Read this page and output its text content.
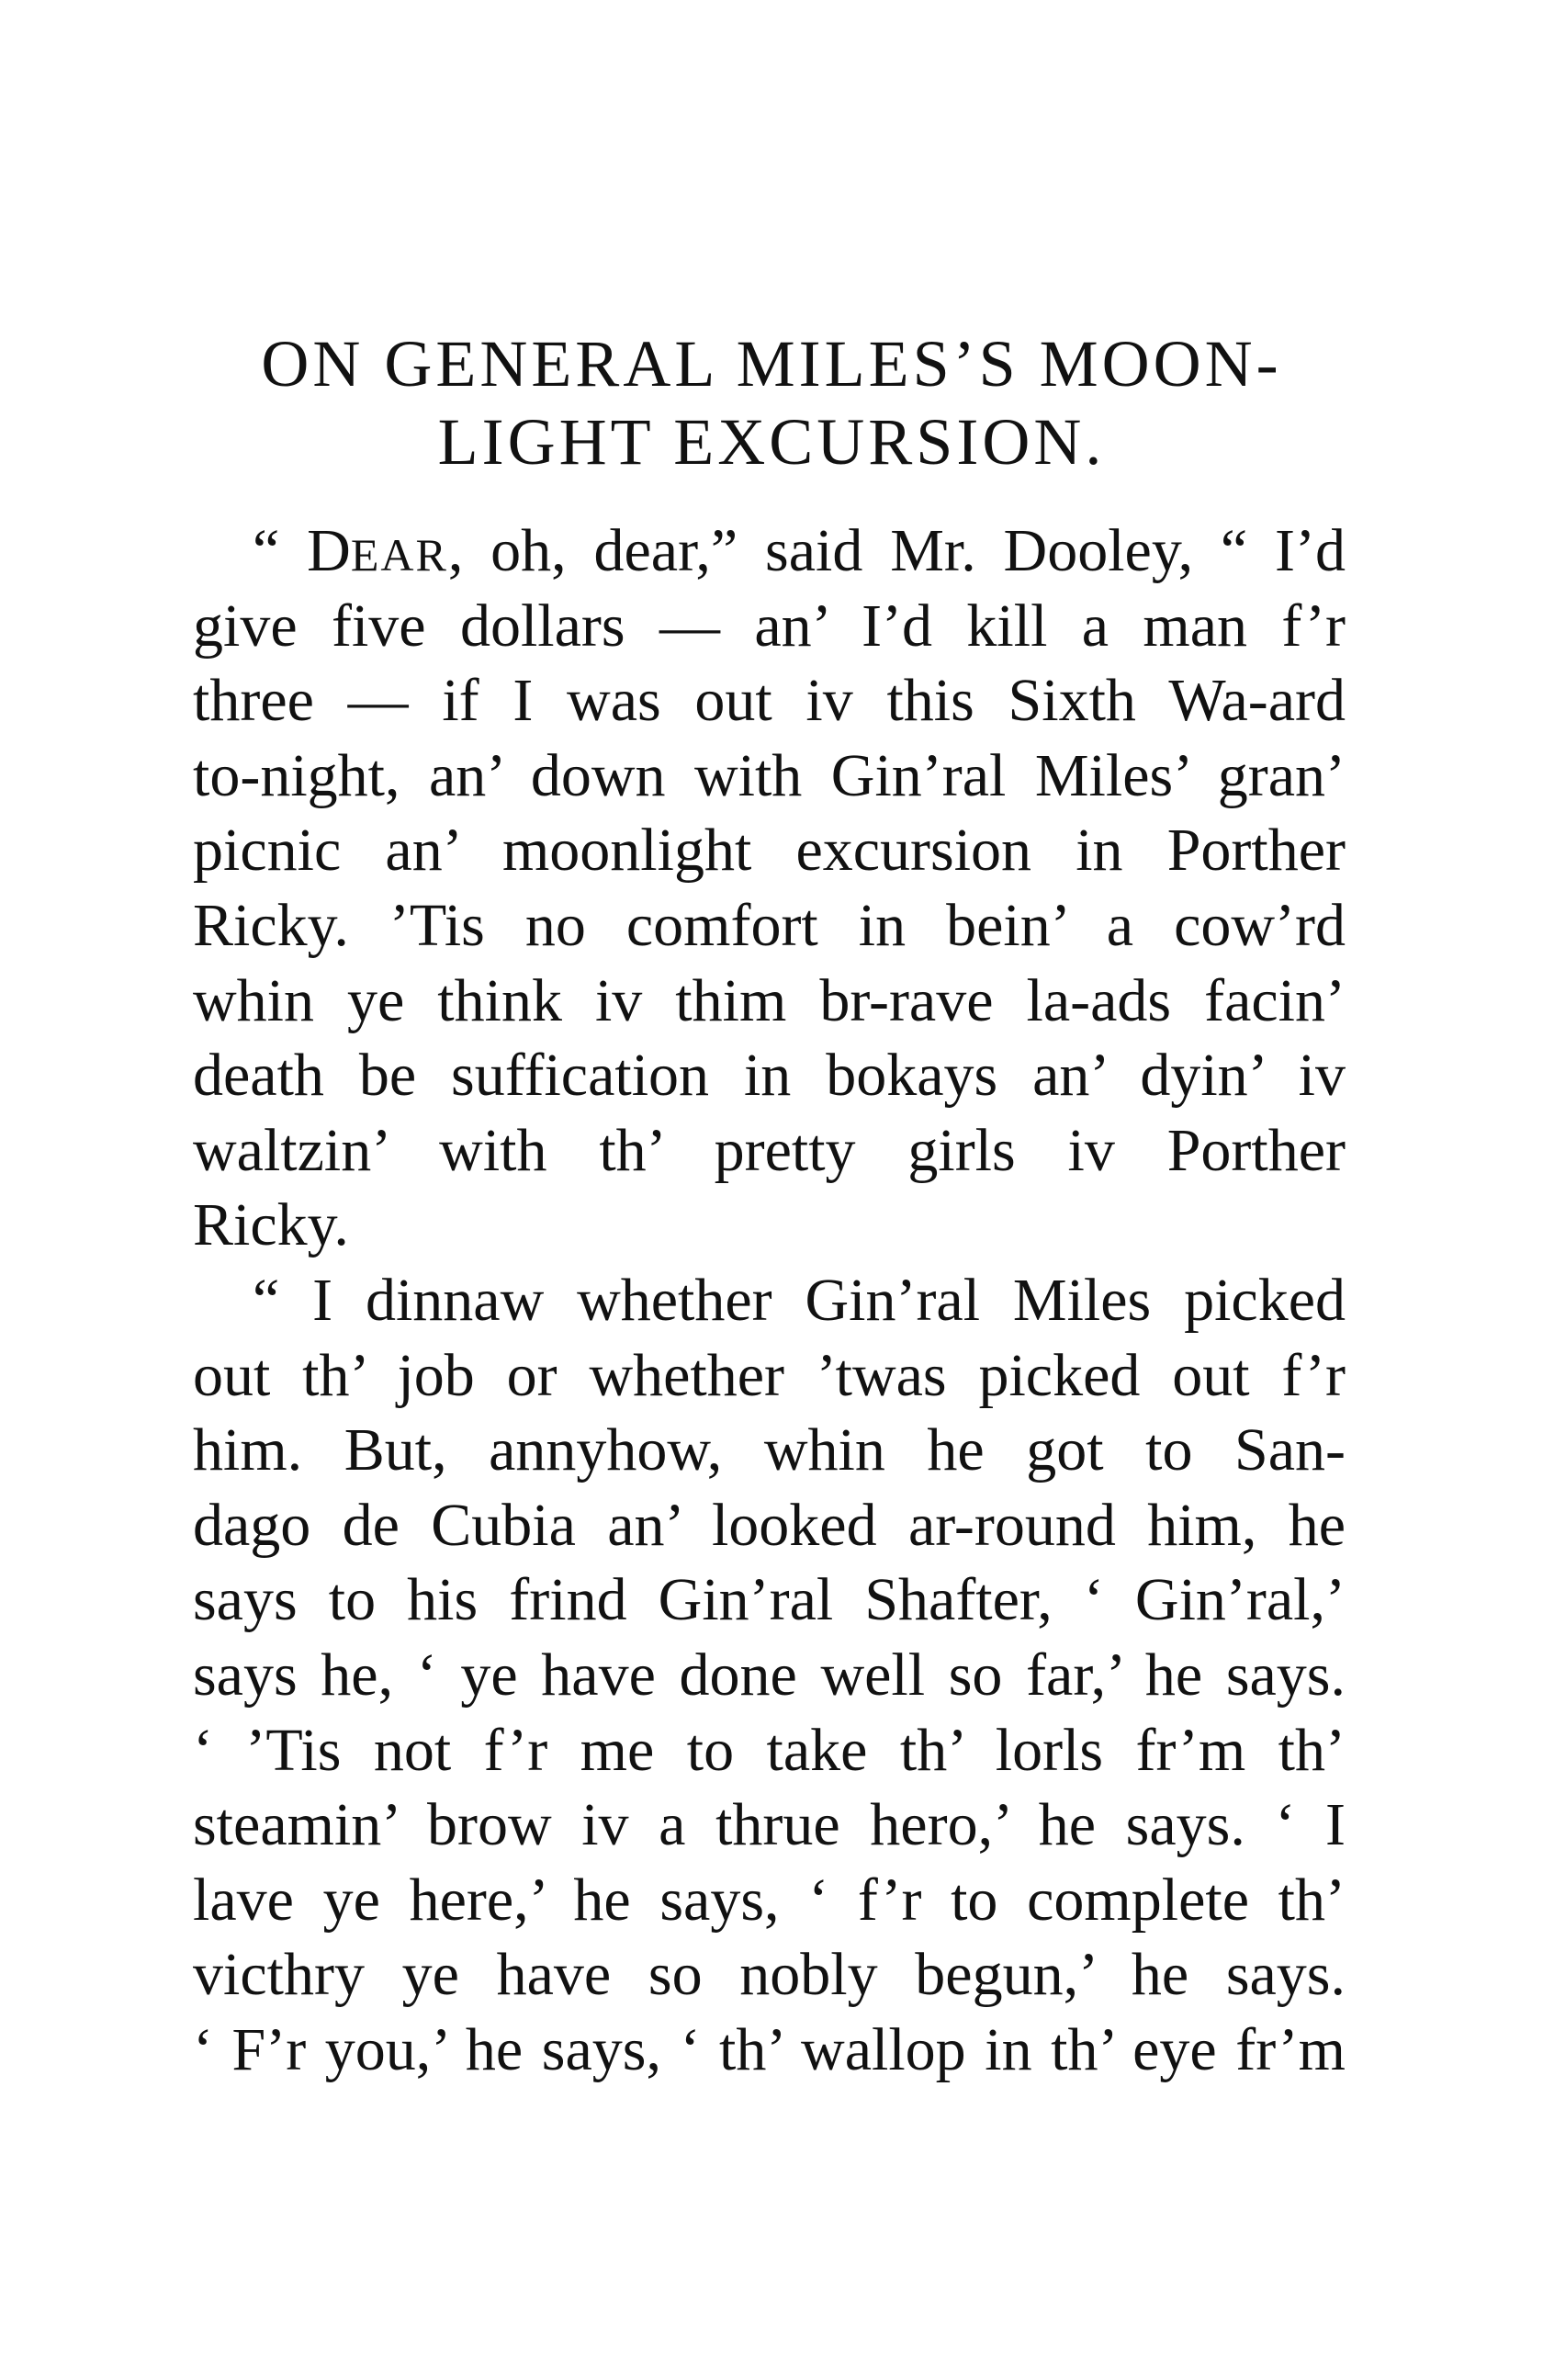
ON GENERAL MILES’S MOON-
LIGHT EXCURSION.
“ DEAR, oh, dear,” said Mr. Dooley, “ I’d
give five dollars — an’ I’d kill a man f’r
three — if I was out iv this Sixth Wa-ard
to-night, an’ down with Gin’ral Miles’ gran’
picnic an’ moonlight excursion in Porther
Ricky. ’Tis no comfort in bein’ a cow’rd
whin ye think iv thim br-rave la-ads facin’
death be suffication in bokays an’ dyin’ iv
waltzin’ with th’ pretty girls iv Porther
Ricky.
“ I dinnaw whether Gin’ral Miles picked
out th’ job or whether ’twas picked out f’r
him. But, annyhow, whin he got to San-
dago de Cubia an’ looked ar-round him, he
says to his frind Gin’ral Shafter, ‘ Gin’ral,’
says he, ‘ ye have done well so far,’ he says.
‘ ’Tis not f’r me to take th’ lorls fr’m th’
steamin’ brow iv a thrue hero,’ he says. ‘ I
lave ye here,’ he says, ‘ f’r to complete th’
victhry ye have so nobly begun,’ he says.
‘ F’r you,’ he says, ‘ th’ wallop in th’ eye fr’m
